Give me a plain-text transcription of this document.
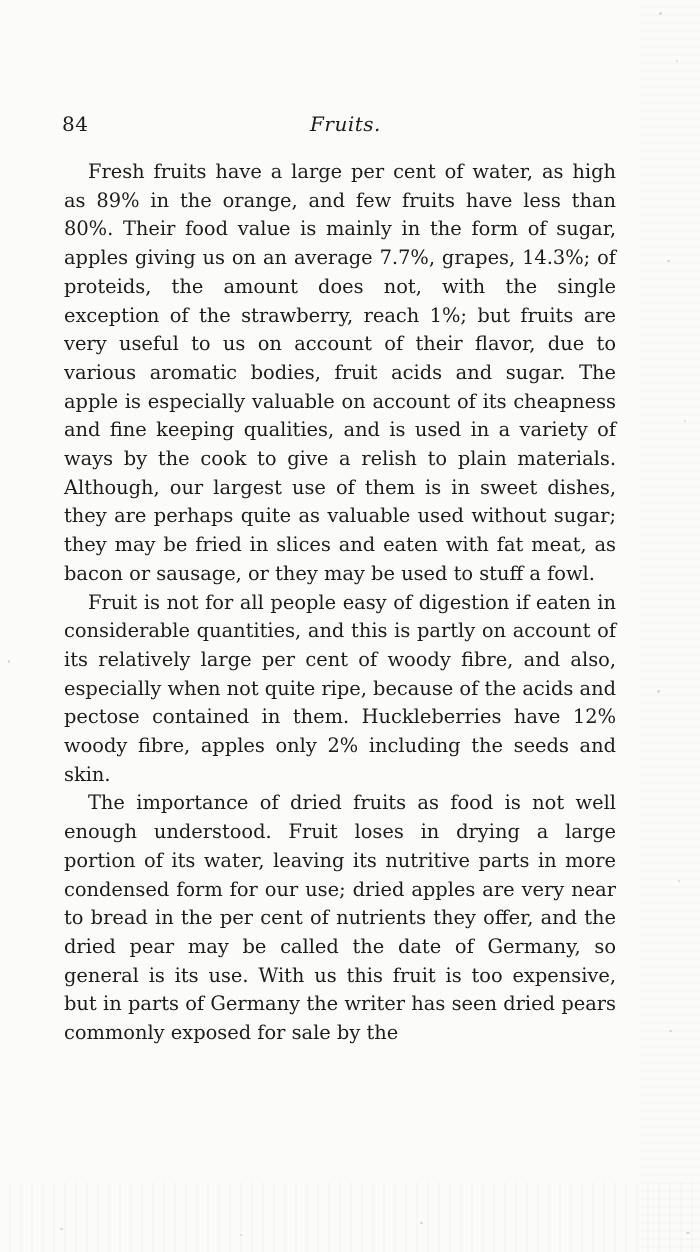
84	Fruits.

Fresh fruits have a large per cent of water, as high as 89% in the orange, and few fruits have less than 80%. Their food value is mainly in the form of sugar, apples giving us on an average 7.7%, grapes, 14.3%; of proteids, the amount does not, with the single exception of the strawberry, reach 1%; but fruits are very useful to us on account of their flavor, due to various aromatic bodies, fruit acids and sugar. The apple is especially valuable on account of its cheapness and fine keeping qualities, and is used in a variety of ways by the cook to give a relish to plain materials. Although, our largest use of them is in sweet dishes, they are perhaps quite as valuable used without sugar; they may be fried in slices and eaten with fat meat, as bacon or sausage, or they may be used to stuff a fowl.

Fruit is not for all people easy of digestion if eaten in considerable quantities, and this is partly on account of its relatively large per cent of woody fibre, and also, especially when not quite ripe, because of the acids and pectose contained in them. Huckleberries have 12% woody fibre, apples only 2% including the seeds and skin.

The importance of dried fruits as food is not well enough understood. Fruit loses in drying a large portion of its water, leaving its nutritive parts in more condensed form for our use; dried apples are very near to bread in the per cent of nutrients they offer, and the dried pear may be called the date of Germany, so general is its use. With us this fruit is too expensive, but in parts of Germany the writer has seen dried pears commonly exposed for sale by the
